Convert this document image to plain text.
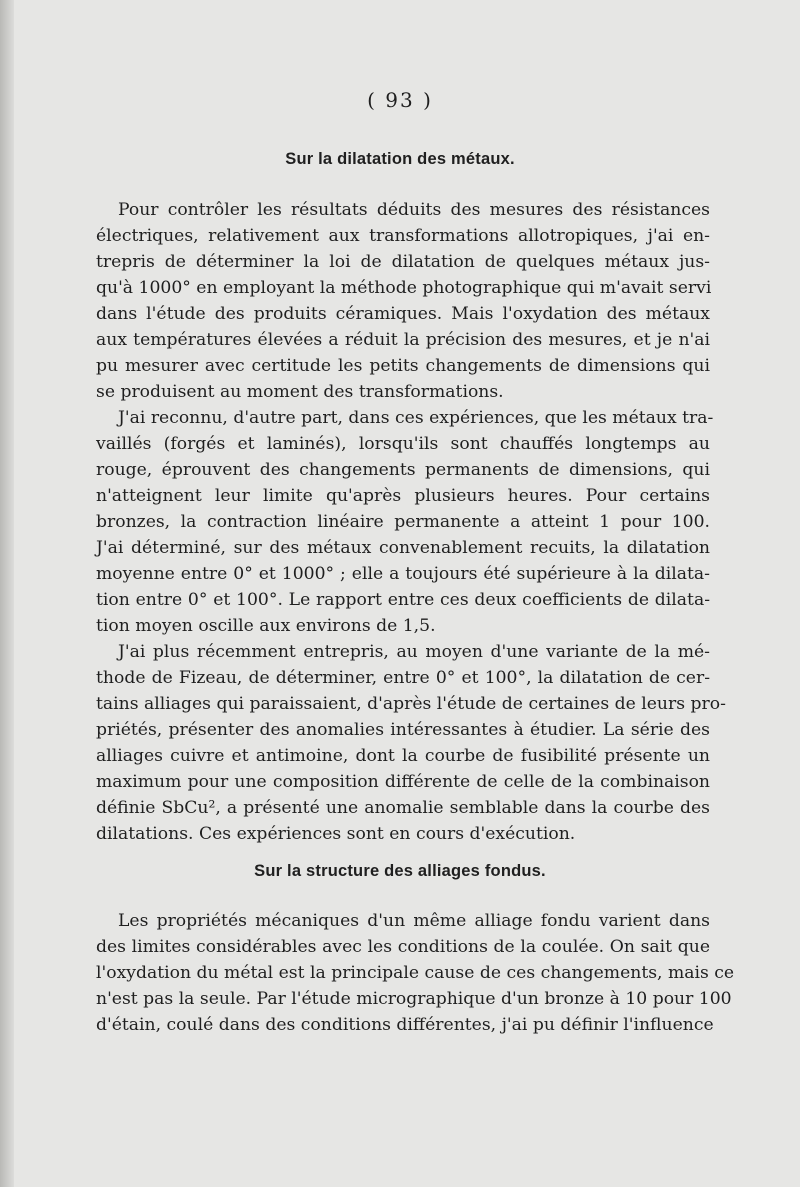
( 93 )
Sur la dilatation des métaux.
Pour contrôler les résultats déduits des mesures des résistances
électriques, relativement aux transformations allotropiques, j'ai en-
trepris de déterminer la loi de dilatation de quelques métaux jus-
qu'à 1000° en employant la méthode photographique qui m'avait servi
dans l'étude des produits céramiques. Mais l'oxydation des métaux
aux températures élevées a réduit la précision des mesures, et je n'ai
pu mesurer avec certitude les petits changements de dimensions qui
se produisent au moment des transformations.
J'ai reconnu, d'autre part, dans ces expériences, que les métaux tra-
vaillés (forgés et laminés), lorsqu'ils sont chauffés longtemps au
rouge, éprouvent des changements permanents de dimensions, qui
n'atteignent leur limite qu'après plusieurs heures. Pour certains
bronzes, la contraction linéaire permanente a atteint 1 pour 100.
J'ai déterminé, sur des métaux convenablement recuits, la dilatation
moyenne entre 0° et 1000° ; elle a toujours été supérieure à la dilata-
tion entre 0° et 100°. Le rapport entre ces deux coefficients de dilata-
tion moyen oscille aux environs de 1,5.
J'ai plus récemment entrepris, au moyen d'une variante de la mé-
thode de Fizeau, de déterminer, entre 0° et 100°, la dilatation de cer-
tains alliages qui paraissaient, d'après l'étude de certaines de leurs pro-
priétés, présenter des anomalies intéressantes à étudier. La série des
alliages cuivre et antimoine, dont la courbe de fusibilité présente un
maximum pour une composition différente de celle de la combinaison
définie SbCu², a présenté une anomalie semblable dans la courbe des
dilatations. Ces expériences sont en cours d'exécution.
Sur la structure des alliages fondus.
Les propriétés mécaniques d'un même alliage fondu varient dans
des limites considérables avec les conditions de la coulée. On sait que
l'oxydation du métal est la principale cause de ces changements, mais ce
n'est pas la seule. Par l'étude micrographique d'un bronze à 10 pour 100
d'étain, coulé dans des conditions différentes, j'ai pu définir l'influence
